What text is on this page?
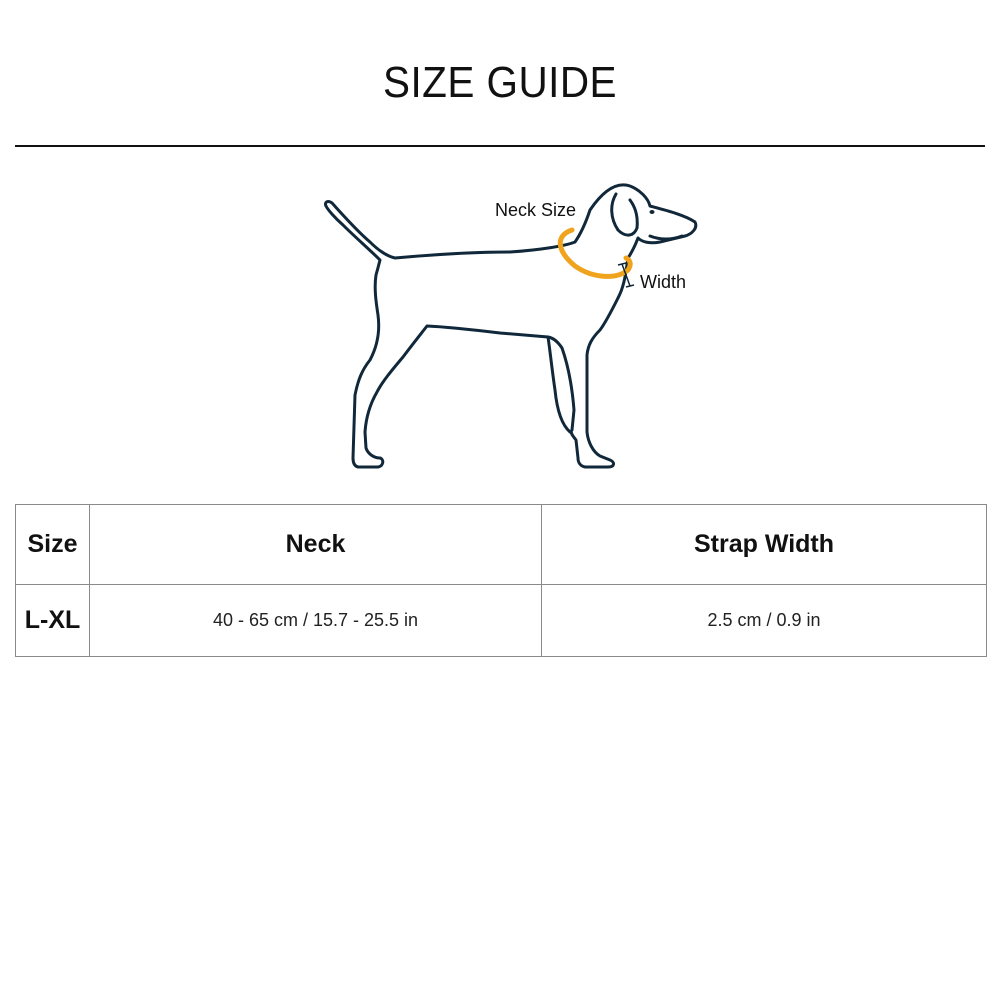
SIZE GUIDE
Neck Size
Width
Size	Neck	Strap Width
L-XL	40 - 65 cm / 15.7 - 25.5 in	2.5 cm / 0.9 in
